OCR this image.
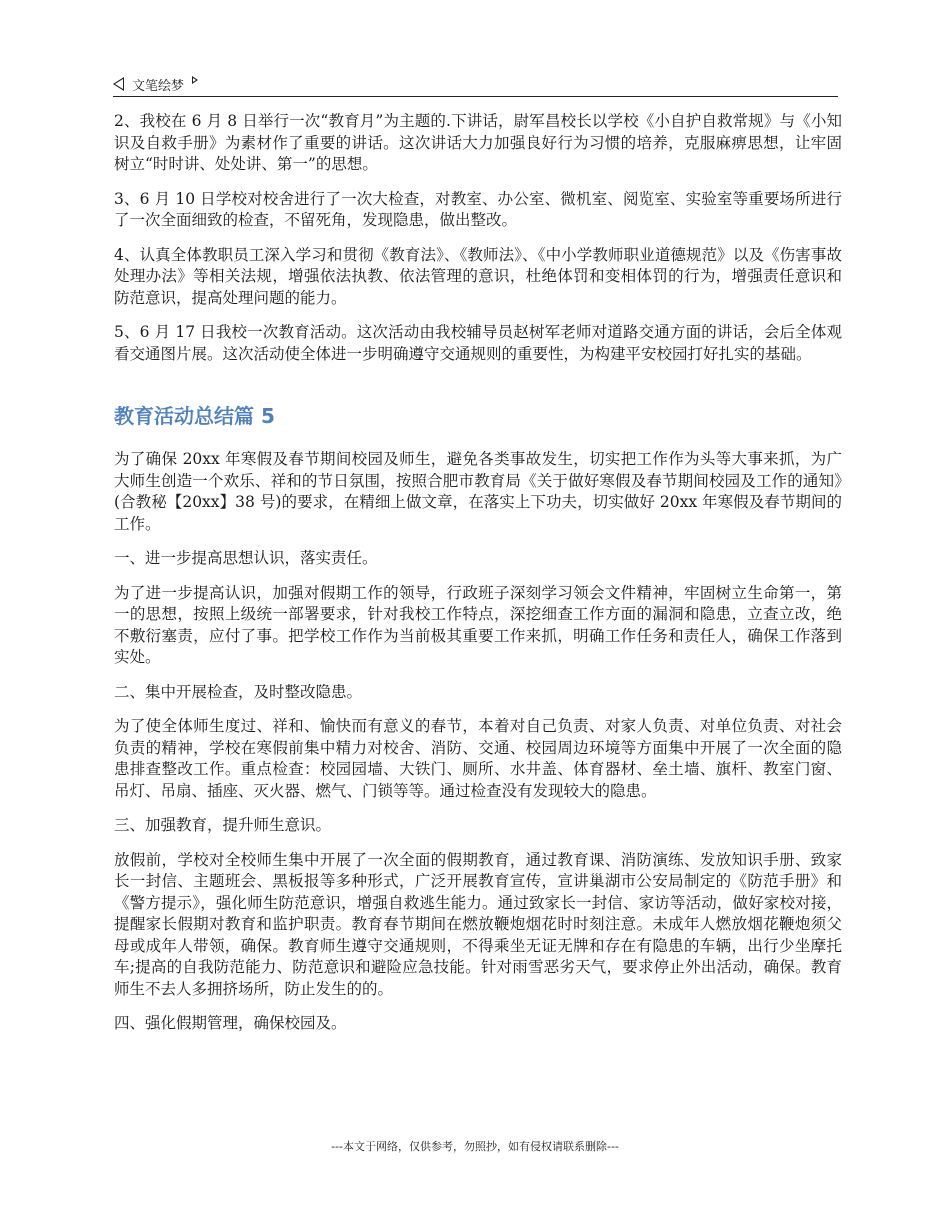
文笔绘梦

2、我校在 6 月 8 日举行一次“教育月”为主题的.下讲话，尉军昌校长以学校《小自护自救常规》与《小知识及自救手册》为素材作了重要的讲话。这次讲话大力加强良好行为习惯的培养，克服麻痹思想，让牢固树立“时时讲、处处讲、第一”的思想。

3、6 月 10 日学校对校舍进行了一次大检查，对教室、办公室、微机室、阅览室、实验室等重要场所进行了一次全面细致的检查，不留死角，发现隐患，做出整改。

4、认真全体教职员工深入学习和贯彻《教育法》、《教师法》、《中小学教师职业道德规范》以及《伤害事故处理办法》等相关法规，增强依法执教、依法管理的意识，杜绝体罚和变相体罚的行为，增强责任意识和防范意识，提高处理问题的能力。

5、6 月 17 日我校一次教育活动。这次活动由我校辅导员赵树军老师对道路交通方面的讲话，会后全体观看交通图片展。这次活动使全体进一步明确遵守交通规则的重要性，为构建平安校园打好扎实的基础。

教育活动总结篇 5

为了确保 20xx 年寒假及春节期间校园及师生，避免各类事故发生，切实把工作作为头等大事来抓，为广大师生创造一个欢乐、祥和的节日氛围，按照合肥市教育局《关于做好寒假及春节期间校园及工作的通知》(合教秘【20xx】38 号)的要求，在精细上做文章，在落实上下功夫，切实做好 20xx 年寒假及春节期间的工作。

一、进一步提高思想认识，落实责任。

为了进一步提高认识，加强对假期工作的领导，行政班子深刻学习领会文件精神，牢固树立生命第一，第一的思想，按照上级统一部署要求，针对我校工作特点，深挖细查工作方面的漏洞和隐患，立查立改，绝不敷衍塞责，应付了事。把学校工作作为当前极其重要工作来抓，明确工作任务和责任人，确保工作落到实处。

二、集中开展检查，及时整改隐患。

为了使全体师生度过、祥和、愉快而有意义的春节，本着对自己负责、对家人负责、对单位负责、对社会负责的精神，学校在寒假前集中精力对校舍、消防、交通、校园周边环境等方面集中开展了一次全面的隐患排查整改工作。重点检查：校园园墙、大铁门、厕所、水井盖、体育器材、垒土墙、旗杆、教室门窗、吊灯、吊扇、插座、灭火器、燃气、门锁等等。通过检查没有发现较大的隐患。

三、加强教育，提升师生意识。

放假前，学校对全校师生集中开展了一次全面的假期教育，通过教育课、消防演练、发放知识手册、致家长一封信、主题班会、黑板报等多种形式，广泛开展教育宣传，宣讲巢湖市公安局制定的《防范手册》和《警方提示》，强化师生防范意识，增强自救逃生能力。通过致家长一封信、家访等活动，做好家校对接，提醒家长假期对教育和监护职责。教育春节期间在燃放鞭炮烟花时时刻注意。未成年人燃放烟花鞭炮须父母或成年人带领，确保。教育师生遵守交通规则，不得乘坐无证无牌和存在有隐患的车辆，出行少坐摩托车;提高的自我防范能力、防范意识和避险应急技能。针对雨雪恶劣天气，要求停止外出活动，确保。教育师生不去人多拥挤场所，防止发生的的。

四、强化假期管理，确保校园及。

---本文于网络，仅供参考，勿照抄，如有侵权请联系删除---
